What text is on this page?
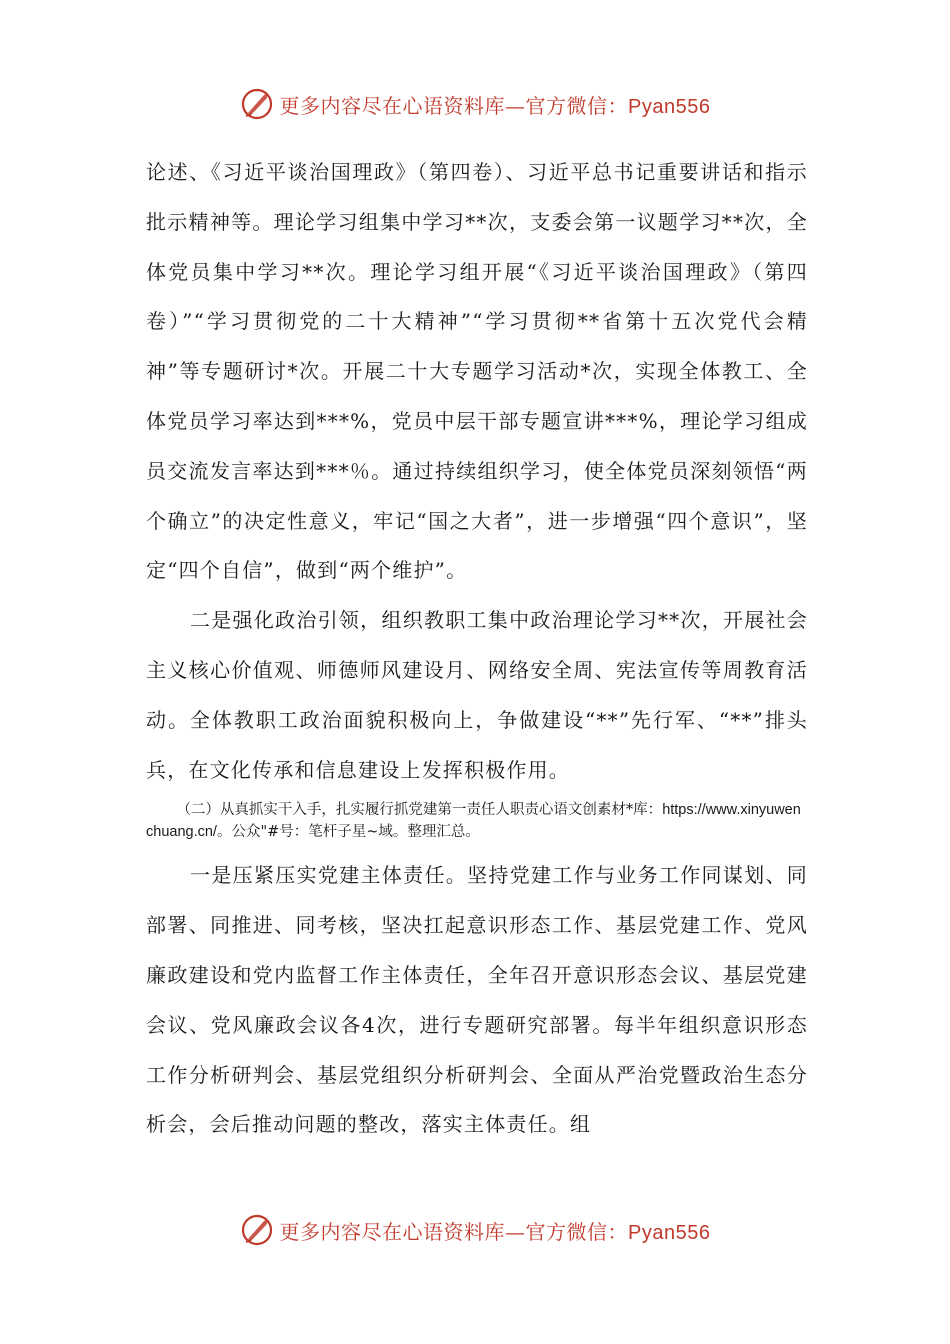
更多内容尽在心语资料库—官方微信：Pyan556

论述、《习近平谈治国理政》（第四卷）、习近平总书记重要讲话和指示批示精神等。理论学习组集中学习**次，支委会第一议题学习**次，全体党员集中学习**次。理论学习组开展“《习近平谈治国理政》（第四卷）”“学习贯彻党的二十大精神”“学习贯彻**省第十五次党代会精神”等专题研讨*次。开展二十大专题学习活动*次，实现全体教工、全体党员学习率达到***%，党员中层干部专题宣讲***%，理论学习组成员交流发言率达到***％。通过持续组织学习，使全体党员深刻领悟“两个确立”的决定性意义，牢记“国之大者”，进一步增强“四个意识”，坚定“四个自信”，做到“两个维护”。

二是强化政治引领，组织教职工集中政治理论学习**次，开展社会主义核心价值观、师德师风建设月、网络安全周、宪法宣传等周教育活动。全体教职工政治面貌积极向上，争做建设“**”先行军、“**”排头兵，在文化传承和信息建设上发挥积极作用。

（二）从真抓实干入手，扎实履行抓党建第一责任人职责心语文创素材*库：https://www.xinyuwenchuang.cn/。公众"#号：笔杆子星~域。整理汇总。

一是压紧压实党建主体责任。坚持党建工作与业务工作同谋划、同部署、同推进、同考核，坚决扛起意识形态工作、基层党建工作、党风廉政建设和党内监督工作主体责任，全年召开意识形态会议、基层党建会议、党风廉政会议各4次，进行专题研究部署。每半年组织意识形态工作分析研判会、基层党组织分析研判会、全面从严治党暨政治生态分析会，会后推动问题的整改，落实主体责任。组

更多内容尽在心语资料库—官方微信：Pyan556
